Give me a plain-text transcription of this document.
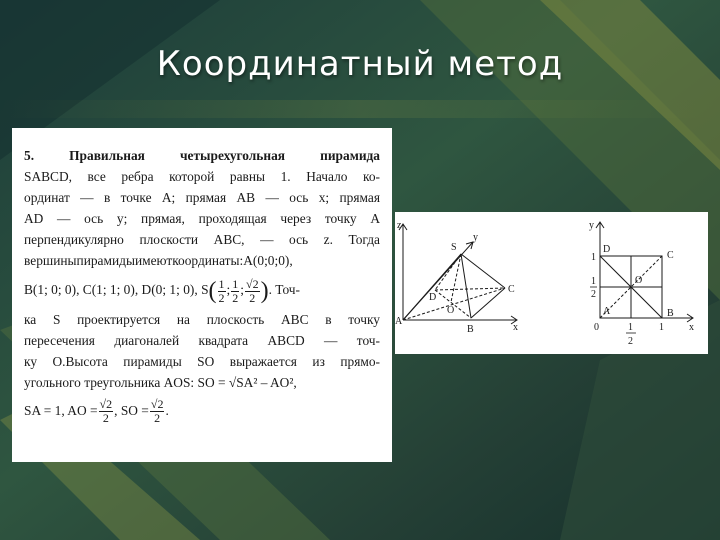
Координатный метод

5. Правильная четырехугольная пирамида

SABCD, все ребра которой равны 1. Начало ко-

ординат — в точке A; прямая AB — ось x; прямая

AD — ось y; прямая, проходящая через точку A

перпендикулярно плоскости ABC, — ось z. Тогда

вершиныпирамидыимеюткоординаты:A(0;0;0),

B(1; 0; 0), C(1; 1; 0), D(0; 1; 0), $S( \frac{1}{2}$ ; $\frac{1}{2}$ ; $\frac{√2}{2}$ ). Точ-

ка S проектируется на плоскость ABC в точку

пересечения диагоналей квадрата ABCD — точ-

ку O.Высота пирамиды SO выражается из прямо-

угольного треугольника AOS: SO = √SA² – AO²,

SA = 1, AO = $\frac{√2}{2}$ , SO = $\frac{√2}{2}$ .

z
y
x
S
A
B
C
D
O
y
x
D
C
A	B
O
1
1
0
1
2
1
2
